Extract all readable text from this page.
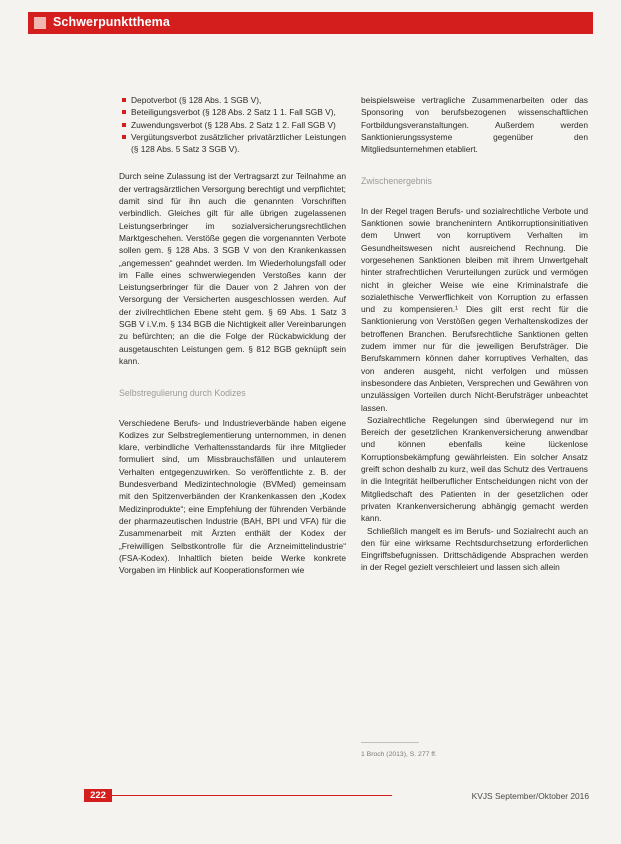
Schwerpunktthema
Depotverbot (§ 128 Abs. 1 SGB V),
Beteiligungsverbot (§ 128 Abs. 2 Satz 1 1. Fall SGB V),
Zuwendungsverbot (§ 128 Abs. 2 Satz 1 2. Fall SGB V)
Vergütungsverbot zusätzlicher privatärztlicher Leistungen (§ 128 Abs. 5 Satz 3 SGB V).

Durch seine Zulassung ist der Vertragsarzt zur Teilnahme an der vertragsärztlichen Versorgung berechtigt und verpflichtet; damit sind für ihn auch die genannten Vorschriften verbindlich. Gleiches gilt für alle übrigen zugelassenen Leistungserbringer im sozialversicherungsrechtlichen Marktgeschehen. Verstöße gegen die vorgenannten Verbote sollen gem. § 128 Abs. 3 SGB V von den Krankenkassen „angemessen“ geahndet werden. Im Wiederholungsfall oder im Falle eines schwerwiegenden Verstoßes kann der Leistungserbringer für die Dauer von 2 Jahren von der Versorgung der Versicherten ausgeschlossen werden. Auf der zivilrechtlichen Ebene steht gem. § 69 Abs. 1 Satz 3 SGB V i.V.m. § 134 BGB die Nichtigkeit aller Vereinbarungen zu befürchten; an die die Folge der Rückabwicklung der ausgetauschten Leistungen gem. § 812 BGB geknüpft sein kann.

Selbstregulierung durch Kodizes

Verschiedene Berufs- und Industrieverbände haben eigene Kodizes zur Selbstreglementierung unternommen, in denen klare, verbindliche Verhaltensstandards für ihre Mitglieder formuliert sind, um Missbrauchsfällen und unlauterem Verhalten entgegenzuwirken. So veröffentlichte z. B. der Bundesverband Medizintechnologie (BVMed) gemeinsam mit den Spitzenverbänden der Krankenkassen den „Kodex Medizinprodukte“; eine Empfehlung der führenden Verbände der pharmazeutischen Industrie (BAH, BPI und VFA) für die Zusammenarbeit mit Ärzten enthält der Kodex der „Freiwilligen Selbstkontrolle für die Arzneimittelindustrie“ (FSA-Kodex). Inhaltlich bieten beide Werke konkrete Vorgaben im Hinblick auf Kooperationsformen wie

beispielsweise vertragliche Zusammenarbeiten oder das Sponsoring von berufsbezogenen wissenschaftlichen Fortbildungsveranstaltungen. Außerdem werden Sanktionierungssysteme gegenüber den Mitgliedsunternehmen etabliert.

Zwischenergebnis

In der Regel tragen Berufs- und sozialrechtliche Verbote und Sanktionen sowie branchenintern Antikorruptionsinitiativen dem Unwert von korruptivem Verhalten im Gesundheitswesen nicht ausreichend Rechnung. Die vorgesehenen Sanktionen bleiben mit ihrem Unwertgehalt hinter strafrechtlichen Verurteilungen zurück und vermögen nicht in gleicher Weise wie eine Kriminalstrafe die sozialethische Verwerflichkeit von Korruption zu erfassen und zu kompensieren.¹ Dies gilt erst recht für die Sanktionierung von Verstößen gegen Verhaltenskodizes der betroffenen Branchen. Berufsrechtliche Sanktionen gelten zudem immer nur für die jeweiligen Berufsträger. Die Berufskammern können daher korruptives Verhalten, das von anderen ausgeht, nicht verfolgen und müssen insbesondere das Anbieten, Versprechen und Gewähren von unzulässigen Vorteilen durch Nicht-Berufsträger unbeachtet lassen.

Sozialrechtliche Regelungen sind überwiegend nur im Bereich der gesetzlichen Krankenversicherung anwendbar und können ebenfalls keine lückenlose Korruptionsbekämpfung gewährleisten. Ein solcher Ansatz greift schon deshalb zu kurz, weil das Schutz des Vertrauens in die Integrität heilberuflicher Entscheidungen nicht von der Mitgliedschaft des Patienten in der gesetzlichen oder privaten Krankenversicherung abhängig gemacht werden kann.

Schließlich mangelt es im Berufs- und Sozialrecht auch an den für eine wirksame Rechtsdurchsetzung erforderlichen Eingriffsbefugnissen. Drittschädigende Absprachen werden in der Regel gezielt verschleiert und lassen sich allein

1 Broch (2013), S. 277 ff.
222	KVJS September/Oktober 2016
